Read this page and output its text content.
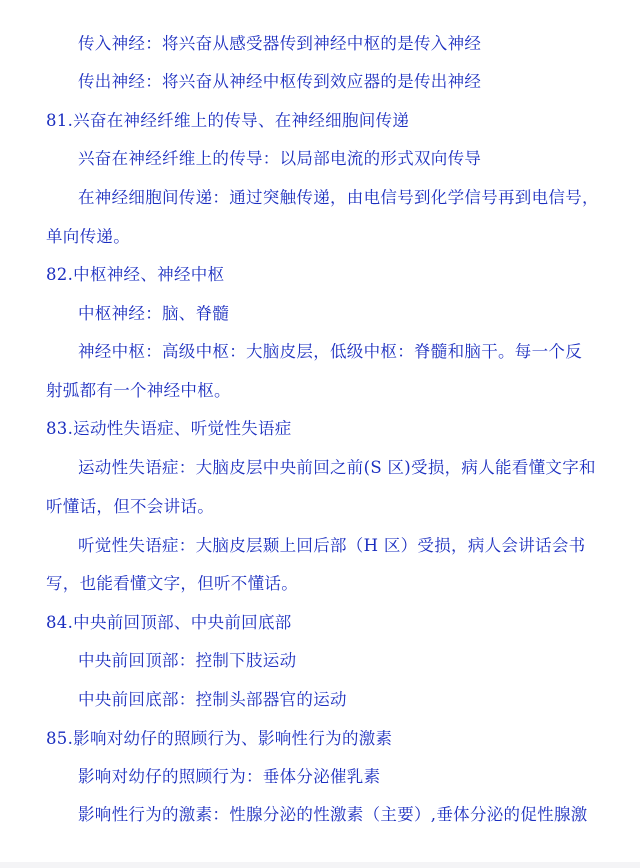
传入神经：将兴奋从感受器传到神经中枢的是传入神经
传出神经：将兴奋从神经中枢传到效应器的是传出神经
81.兴奋在神经纤维上的传导、在神经细胞间传递
兴奋在神经纤维上的传导：以局部电流的形式双向传导
在神经细胞间传递：通过突触传递，由电信号到化学信号再到电信号，
单向传递。
82.中枢神经、神经中枢
中枢神经：脑、脊髓
神经中枢：高级中枢：大脑皮层，低级中枢：脊髓和脑干。每一个反
射弧都有一个神经中枢。
83.运动性失语症、听觉性失语症
运动性失语症：大脑皮层中央前回之前(S 区)受损，病人能看懂文字和
听懂话，但不会讲话。
听觉性失语症：大脑皮层颞上回后部（H 区）受损，病人会讲话会书
写，也能看懂文字，但听不懂话。
84.中央前回顶部、中央前回底部
中央前回顶部：控制下肢运动
中央前回底部：控制头部器官的运动
85.影响对幼仔的照顾行为、影响性行为的激素
影响对幼仔的照顾行为：垂体分泌催乳素
影响性行为的激素：性腺分泌的性激素（主要）,垂体分泌的促性腺激
